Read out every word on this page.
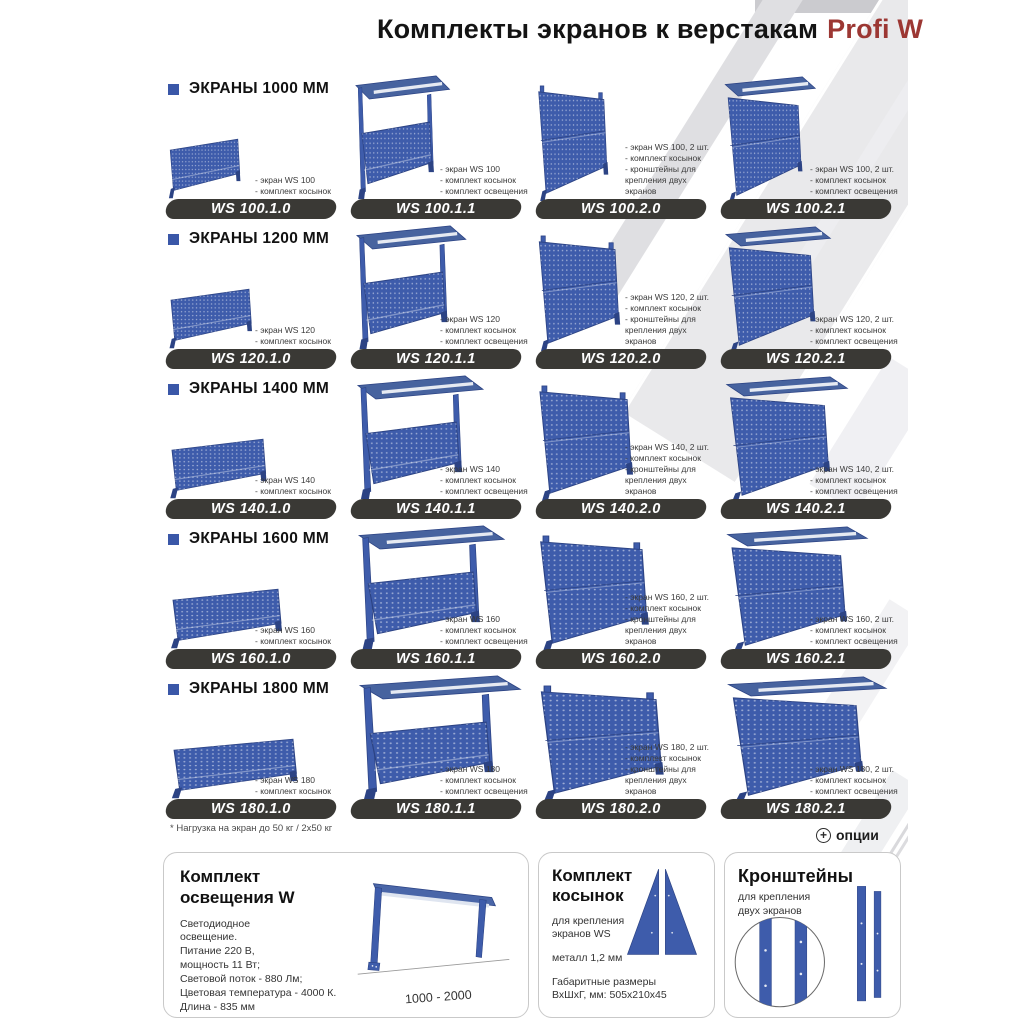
Комплекты экранов к верстакам Profi W
ЭКРАНЫ 1000 ММ
- экран WS 100
- комплект косынок
WS 100.1.0
- экран WS 100
- комплект косынок
- комплект освещения
WS 100.1.1
- экран WS 100, 2 шт.
- комплект косынок
- кронштейны для крепления двух экранов
WS 100.2.0
- экран WS 100, 2 шт.
- комплект косынок
- комплект освещения
WS 100.2.1
ЭКРАНЫ 1200 ММ
- экран WS 120
- комплект косынок
WS 120.1.0
- экран WS 120
- комплект косынок
- комплект освещения
WS 120.1.1
- экран WS 120, 2 шт.
- комплект косынок
- кронштейны для крепления двух экранов
WS 120.2.0
- экран WS 120, 2 шт.
- комплект косынок
- комплект освещения
WS 120.2.1
ЭКРАНЫ 1400 ММ
- экран WS 140
- комплект косынок
WS 140.1.0
- экран WS 140
- комплект косынок
- комплект освещения
WS 140.1.1
- экран WS 140, 2 шт.
- комплект косынок
- кронштейны для крепления двух экранов
WS 140.2.0
- экран WS 140, 2 шт.
- комплект косынок
- комплект освещения
WS 140.2.1
ЭКРАНЫ 1600 ММ
- экран WS 160
- комплект косынок
WS 160.1.0
- экран WS 160
- комплект косынок
- комплект освещения
WS 160.1.1
- экран WS 160, 2 шт.
- комплект косынок
- кронштейны для крепления двух экранов
WS 160.2.0
- экран WS 160, 2 шт.
- комплект косынок
- комплект освещения
WS 160.2.1
ЭКРАНЫ 1800 ММ
- экран WS 180
- комплект косынок
WS 180.1.0
- экран WS 180
- комплект косынок
- комплект освещения
WS 180.1.1
- экран WS 180, 2 шт.
- комплект косынок
- кронштейны для крепления двух экранов
WS 180.2.0
- экран WS 180, 2 шт.
- комплект косынок
- комплект освещения
WS 180.2.1
* Нагрузка на экран до 50 кг / 2х50 кг	+ опции
Комплект освещения W
Светодиодное
освещение.
Питание 220 В,
мощность 11 Вт;
Световой поток - 880 Лм;
Цветовая температура - 4000 К.
Длина - 835 мм
1000 - 2000
Комплект косынок
для крепления
экранов WS
металл 1,2 мм
Габаритные размеры
ВхШхГ, мм: 505х210х45
Кронштейны
для крепления
двух экранов
